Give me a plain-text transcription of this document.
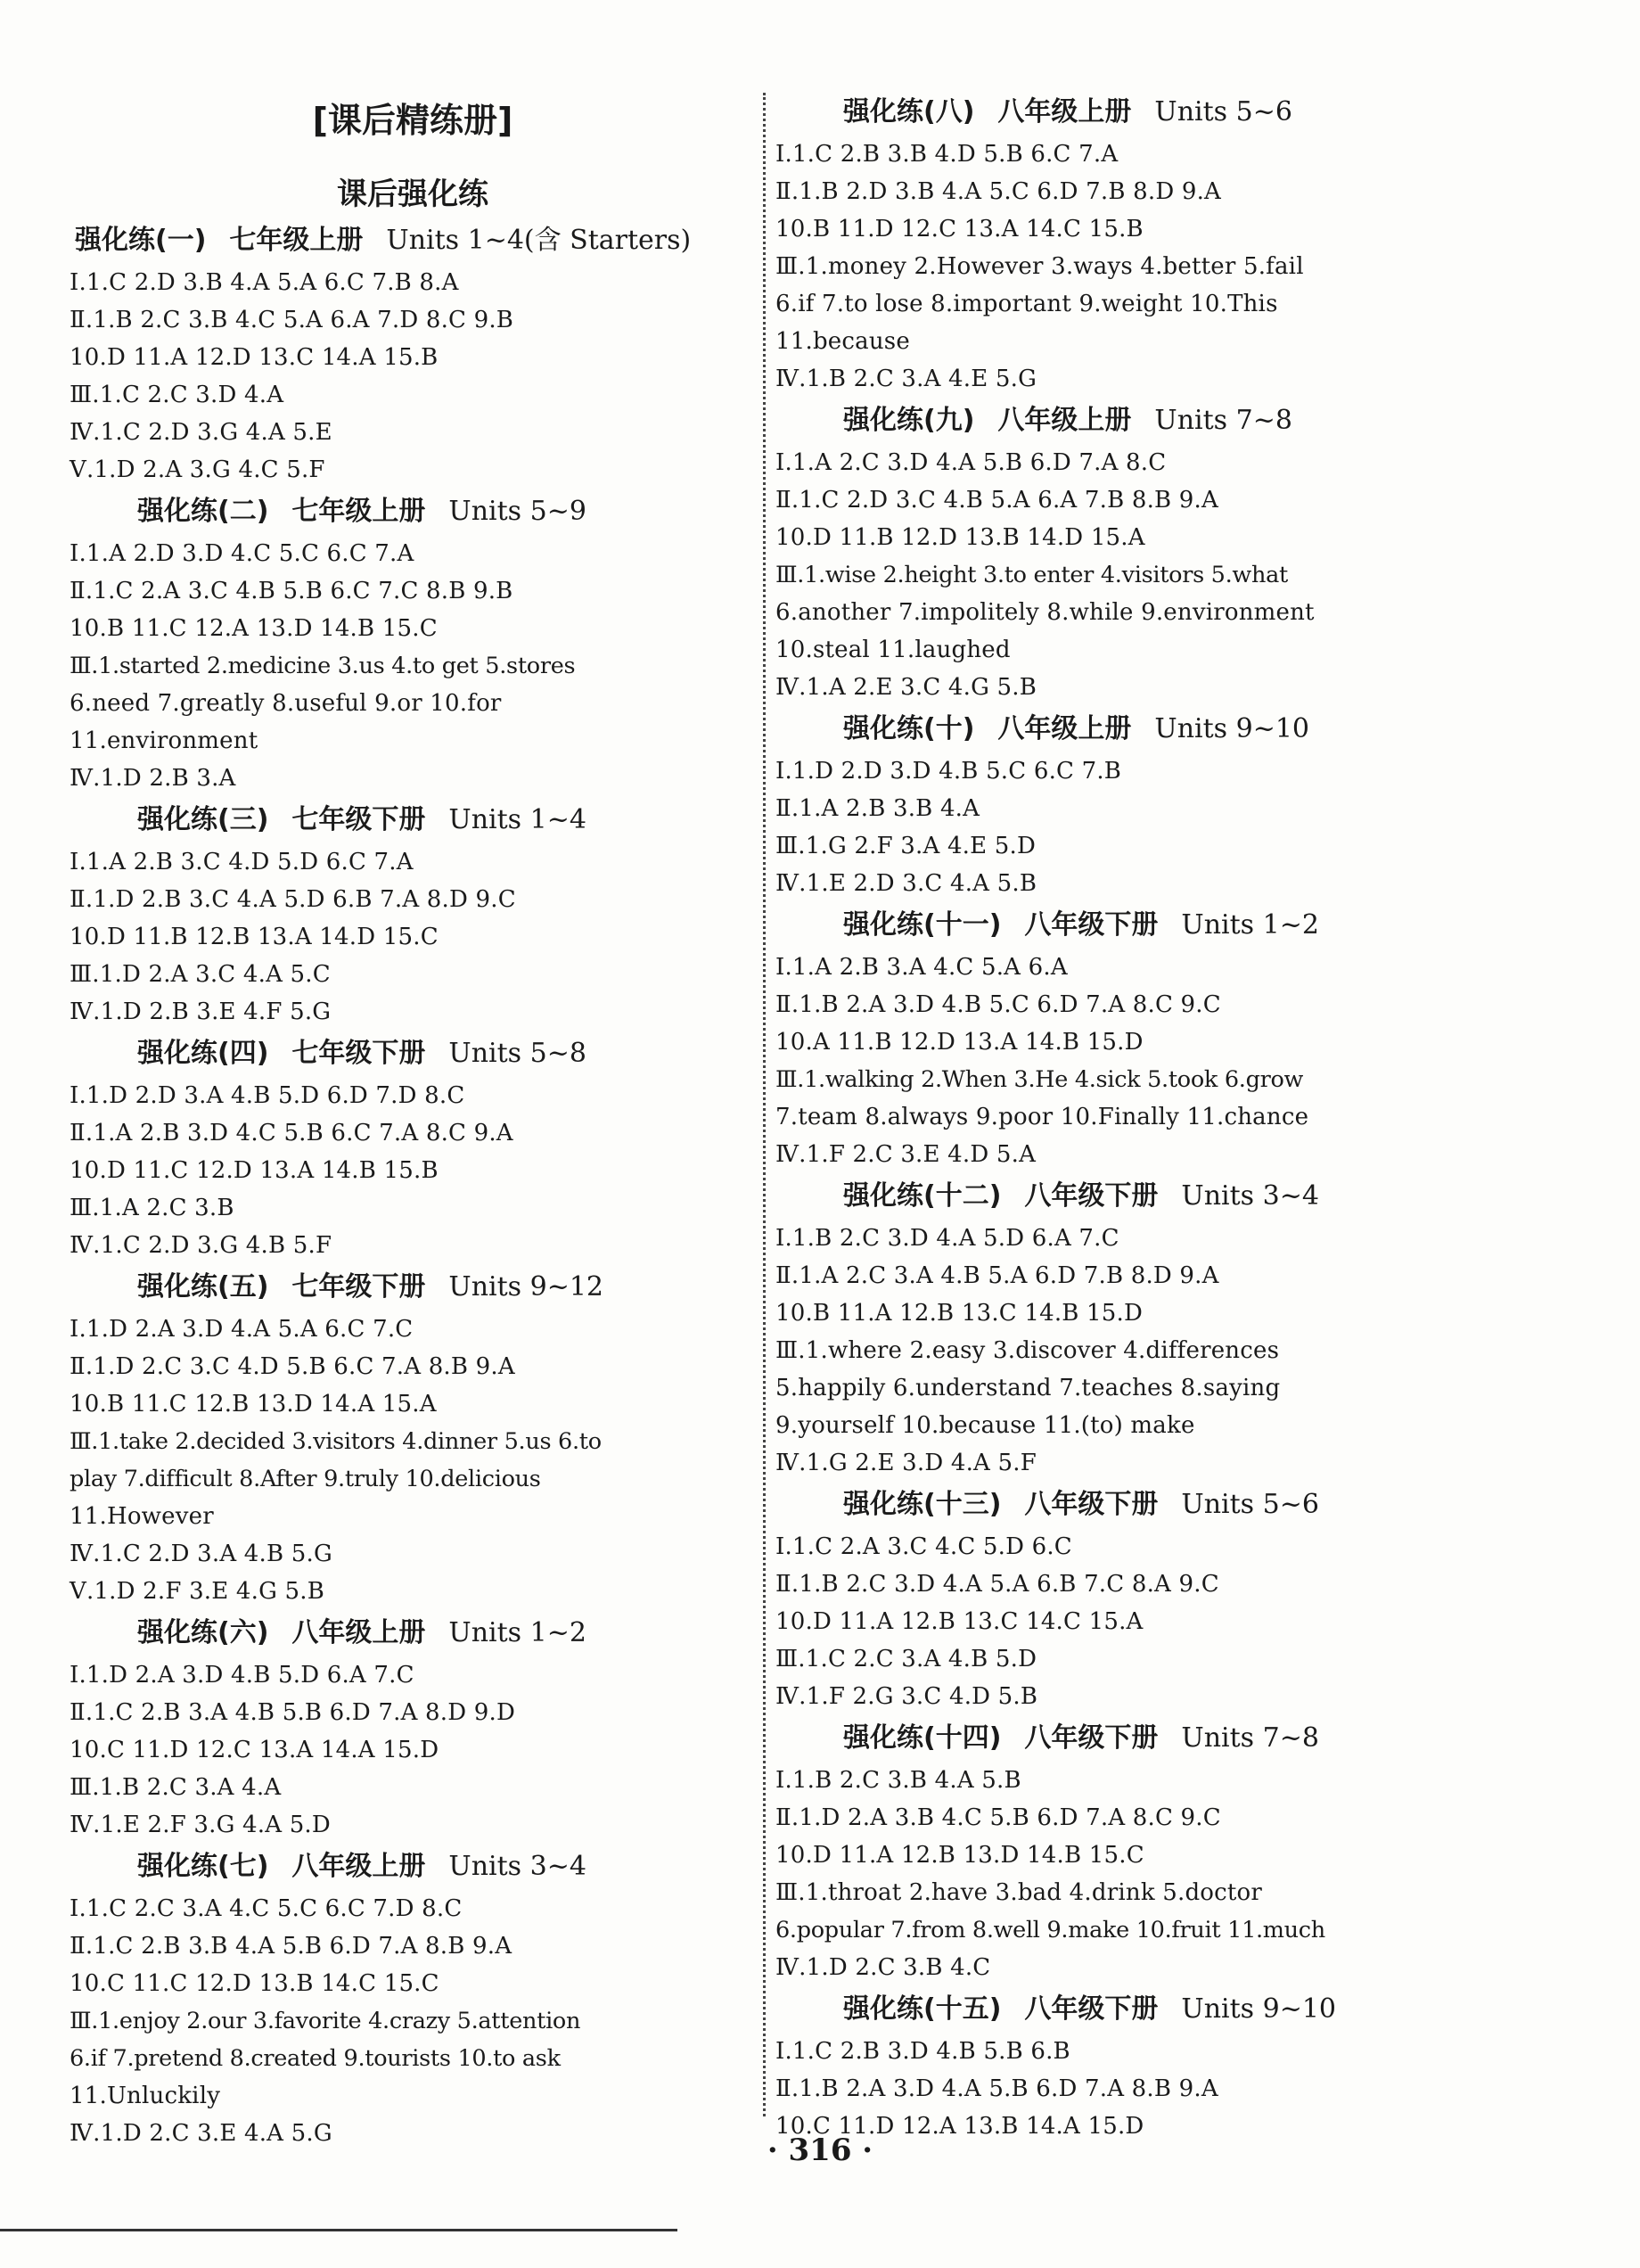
[课后精练册]
课后强化练
强化练(一) 七年级上册 Units 1~4(含 Starters)
Ⅰ.1.C 2.D 3.B 4.A 5.A 6.C 7.B 8.A
Ⅱ.1.B 2.C 3.B 4.C 5.A 6.A 7.D 8.C 9.B
10.D 11.A 12.D 13.C 14.A 15.B
Ⅲ.1.C 2.C 3.D 4.A
Ⅳ.1.C 2.D 3.G 4.A 5.E
Ⅴ.1.D 2.A 3.G 4.C 5.F
强化练(二) 七年级上册 Units 5~9
Ⅰ.1.A 2.D 3.D 4.C 5.C 6.C 7.A
Ⅱ.1.C 2.A 3.C 4.B 5.B 6.C 7.C 8.B 9.B
10.B 11.C 12.A 13.D 14.B 15.C
Ⅲ.1.started 2.medicine 3.us 4.to get 5.stores
6.need 7.greatly 8.useful 9.or 10.for
11.environment
Ⅳ.1.D 2.B 3.A
强化练(三) 七年级下册 Units 1~4
Ⅰ.1.A 2.B 3.C 4.D 5.D 6.C 7.A
Ⅱ.1.D 2.B 3.C 4.A 5.D 6.B 7.A 8.D 9.C
10.D 11.B 12.B 13.A 14.D 15.C
Ⅲ.1.D 2.A 3.C 4.A 5.C
Ⅳ.1.D 2.B 3.E 4.F 5.G
强化练(四) 七年级下册 Units 5~8
Ⅰ.1.D 2.D 3.A 4.B 5.D 6.D 7.D 8.C
Ⅱ.1.A 2.B 3.D 4.C 5.B 6.C 7.A 8.C 9.A
10.D 11.C 12.D 13.A 14.B 15.B
Ⅲ.1.A 2.C 3.B
Ⅳ.1.C 2.D 3.G 4.B 5.F
强化练(五) 七年级下册 Units 9~12
Ⅰ.1.D 2.A 3.D 4.A 5.A 6.C 7.C
Ⅱ.1.D 2.C 3.C 4.D 5.B 6.C 7.A 8.B 9.A
10.B 11.C 12.B 13.D 14.A 15.A
Ⅲ.1.take 2.decided 3.visitors 4.dinner 5.us 6.to
play 7.difficult 8.After 9.truly 10.delicious
11.However
Ⅳ.1.C 2.D 3.A 4.B 5.G
Ⅴ.1.D 2.F 3.E 4.G 5.B
强化练(六) 八年级上册 Units 1~2
Ⅰ.1.D 2.A 3.D 4.B 5.D 6.A 7.C
Ⅱ.1.C 2.B 3.A 4.B 5.B 6.D 7.A 8.D 9.D
10.C 11.D 12.C 13.A 14.A 15.D
Ⅲ.1.B 2.C 3.A 4.A
Ⅳ.1.E 2.F 3.G 4.A 5.D
强化练(七) 八年级上册 Units 3~4
Ⅰ.1.C 2.C 3.A 4.C 5.C 6.C 7.D 8.C
Ⅱ.1.C 2.B 3.B 4.A 5.B 6.D 7.A 8.B 9.A
10.C 11.C 12.D 13.B 14.C 15.C
Ⅲ.1.enjoy 2.our 3.favorite 4.crazy 5.attention
6.if 7.pretend 8.created 9.tourists 10.to ask
11.Unluckily
Ⅳ.1.D 2.C 3.E 4.A 5.G
强化练(八) 八年级上册 Units 5~6
Ⅰ.1.C 2.B 3.B 4.D 5.B 6.C 7.A
Ⅱ.1.B 2.D 3.B 4.A 5.C 6.D 7.B 8.D 9.A
10.B 11.D 12.C 13.A 14.C 15.B
Ⅲ.1.money 2.However 3.ways 4.better 5.fail
6.if 7.to lose 8.important 9.weight 10.This
11.because
Ⅳ.1.B 2.C 3.A 4.E 5.G
强化练(九) 八年级上册 Units 7~8
Ⅰ.1.A 2.C 3.D 4.A 5.B 6.D 7.A 8.C
Ⅱ.1.C 2.D 3.C 4.B 5.A 6.A 7.B 8.B 9.A
10.D 11.B 12.D 13.B 14.D 15.A
Ⅲ.1.wise 2.height 3.to enter 4.visitors 5.what
6.another 7.impolitely 8.while 9.environment
10.steal 11.laughed
Ⅳ.1.A 2.E 3.C 4.G 5.B
强化练(十) 八年级上册 Units 9~10
Ⅰ.1.D 2.D 3.D 4.B 5.C 6.C 7.B
Ⅱ.1.A 2.B 3.B 4.A
Ⅲ.1.G 2.F 3.A 4.E 5.D
Ⅳ.1.E 2.D 3.C 4.A 5.B
强化练(十一) 八年级下册 Units 1~2
Ⅰ.1.A 2.B 3.A 4.C 5.A 6.A
Ⅱ.1.B 2.A 3.D 4.B 5.C 6.D 7.A 8.C 9.C
10.A 11.B 12.D 13.A 14.B 15.D
Ⅲ.1.walking 2.When 3.He 4.sick 5.took 6.grow
7.team 8.always 9.poor 10.Finally 11.chance
Ⅳ.1.F 2.C 3.E 4.D 5.A
强化练(十二) 八年级下册 Units 3~4
Ⅰ.1.B 2.C 3.D 4.A 5.D 6.A 7.C
Ⅱ.1.A 2.C 3.A 4.B 5.A 6.D 7.B 8.D 9.A
10.B 11.A 12.B 13.C 14.B 15.D
Ⅲ.1.where 2.easy 3.discover 4.differences
5.happily 6.understand 7.teaches 8.saying
9.yourself 10.because 11.(to) make
Ⅳ.1.G 2.E 3.D 4.A 5.F
强化练(十三) 八年级下册 Units 5~6
Ⅰ.1.C 2.A 3.C 4.C 5.D 6.C
Ⅱ.1.B 2.C 3.D 4.A 5.A 6.B 7.C 8.A 9.C
10.D 11.A 12.B 13.C 14.C 15.A
Ⅲ.1.C 2.C 3.A 4.B 5.D
Ⅳ.1.F 2.G 3.C 4.D 5.B
强化练(十四) 八年级下册 Units 7~8
Ⅰ.1.B 2.C 3.B 4.A 5.B
Ⅱ.1.D 2.A 3.B 4.C 5.B 6.D 7.A 8.C 9.C
10.D 11.A 12.B 13.D 14.B 15.C
Ⅲ.1.throat 2.have 3.bad 4.drink 5.doctor
6.popular 7.from 8.well 9.make 10.fruit 11.much
Ⅳ.1.D 2.C 3.B 4.C
强化练(十五) 八年级下册 Units 9~10
Ⅰ.1.C 2.B 3.D 4.B 5.B 6.B
Ⅱ.1.B 2.A 3.D 4.A 5.B 6.D 7.A 8.B 9.A
10.C 11.D 12.A 13.B 14.A 15.D
· 316 ·
